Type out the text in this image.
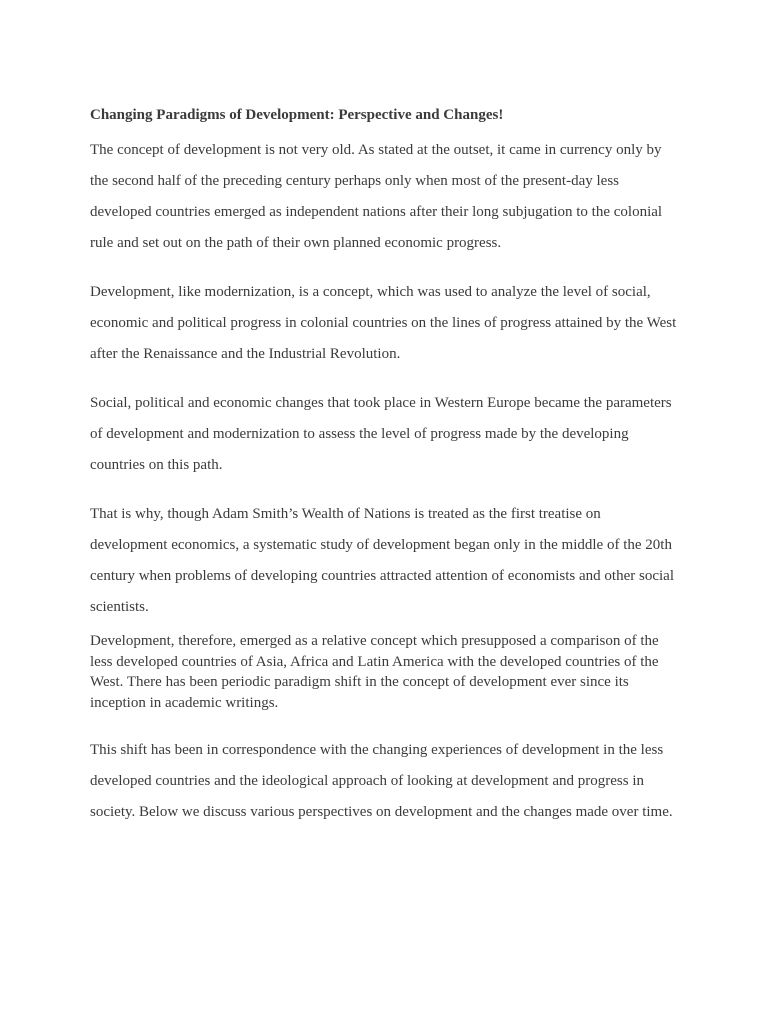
Changing Paradigms of Development: Perspective and Changes!

The concept of development is not very old. As stated at the outset, it came in currency only by the second half of the preceding century perhaps only when most of the present-day less developed countries emerged as independent nations after their long subjugation to the colonial rule and set out on the path of their own planned economic progress.

Development, like modernization, is a concept, which was used to analyze the level of social, economic and political progress in colonial countries on the lines of progress attained by the West after the Renaissance and the Industrial Revolution.

Social, political and economic changes that took place in Western Europe became the parameters of development and modernization to assess the level of progress made by the developing countries on this path.

That is why, though Adam Smith’s Wealth of Nations is treated as the first treatise on development economics, a systematic study of development began only in the middle of the 20th century when problems of developing countries attracted attention of economists and other social scientists.

Development, therefore, emerged as a relative concept which presupposed a comparison of the less developed countries of Asia, Africa and Latin America with the developed countries of the West. There has been periodic paradigm shift in the concept of development ever since its inception in academic writings.

This shift has been in correspondence with the changing experiences of development in the less developed countries and the ideological approach of looking at development and progress in society. Below we discuss various perspectives on development and the changes made over time.
